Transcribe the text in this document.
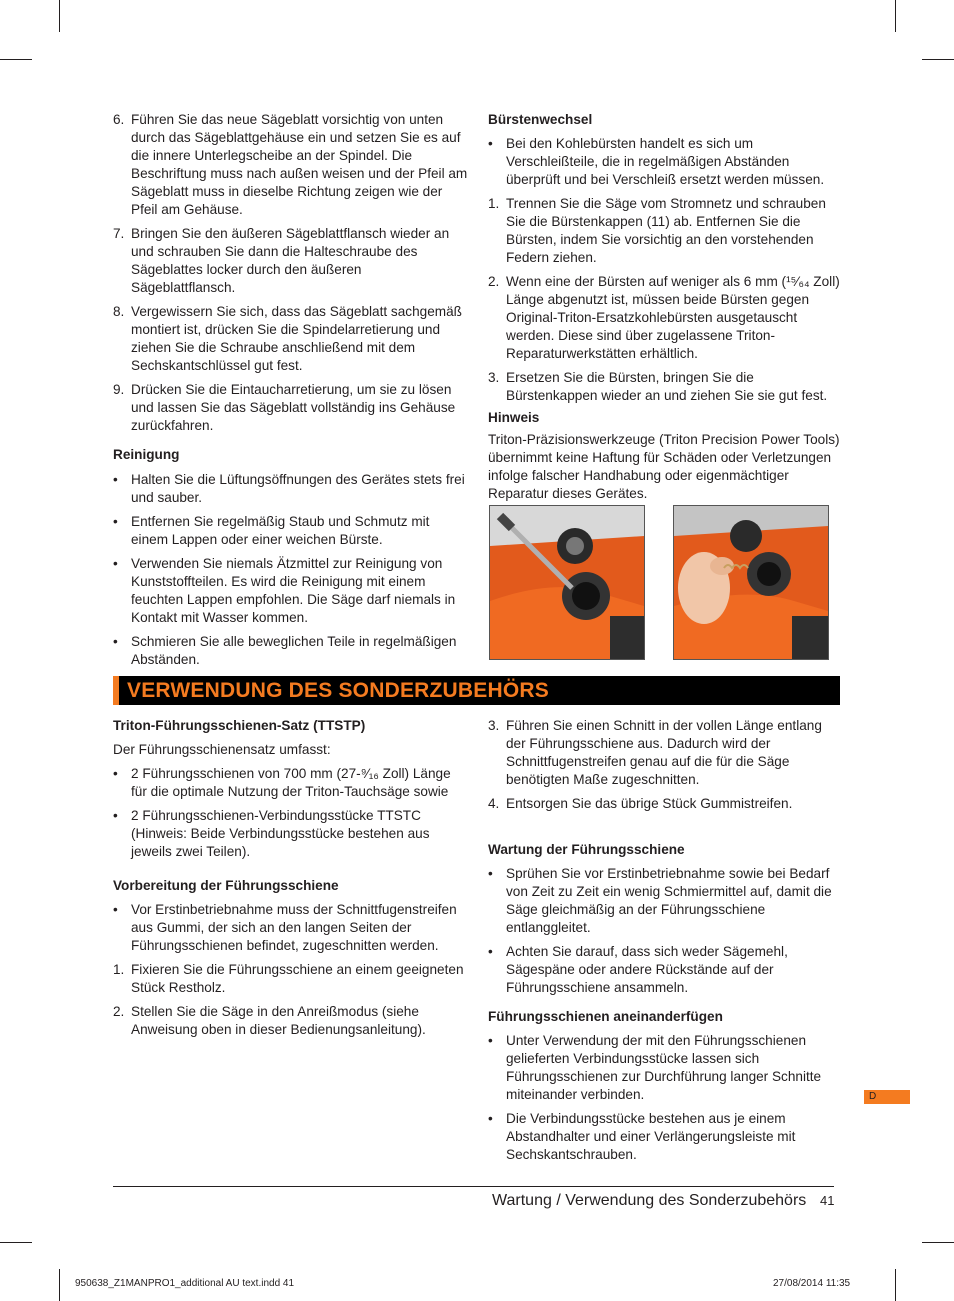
6. Führen Sie das neue Sägeblatt vorsichtig von unten durch das Sägeblattgehäuse ein und setzen Sie es auf die innere Unterlegscheibe an der Spindel. Die Beschriftung muss nach außen weisen und der Pfeil am Sägeblatt muss in dieselbe Richtung zeigen wie der Pfeil am Gehäuse.

7. Bringen Sie den äußeren Sägeblattflansch wieder an und schrauben Sie dann die Halteschraube des Sägeblattes locker durch den äußeren Sägeblattflansch.

8. Vergewissern Sie sich, dass das Sägeblatt sachgemäß montiert ist, drücken Sie die Spindelarretierung und ziehen Sie die Schraube anschließend mit dem Sechskantschlüssel gut fest.

9. Drücken Sie die Eintaucharretierung, um sie zu lösen und lassen Sie das Sägeblatt vollständig ins Gehäuse zurückfahren.

Reinigung

• Halten Sie die Lüftungsöffnungen des Gerätes stets frei und sauber.

• Entfernen Sie regelmäßig Staub und Schmutz mit einem Lappen oder einer weichen Bürste.

• Verwenden Sie niemals Ätzmittel zur Reinigung von Kunststoffteilen. Es wird die Reinigung mit einem feuchten Lappen empfohlen. Die Säge darf niemals in Kontakt mit Wasser kommen.

• Schmieren Sie alle beweglichen Teile in regelmäßigen Abständen.

Bürstenwechsel

• Bei den Kohlebürsten handelt es sich um Verschleißteile, die in regelmäßigen Abständen überprüft und bei Verschleiß ersetzt werden müssen.

1. Trennen Sie die Säge vom Stromnetz und schrauben Sie die Bürstenkappen (11) ab. Entfernen Sie die Bürsten, indem Sie vorsichtig an den vorstehenden Federn ziehen.

2. Wenn eine der Bürsten auf weniger als 6 mm (¹⁵⁄₆₄ Zoll) Länge abgenutzt ist, müssen beide Bürsten gegen Original-Triton-Ersatzkohlebürsten ausgetauscht werden. Diese sind über zugelassene Triton-Reparaturwerkstätten erhältlich.

3. Ersetzen Sie die Bürsten, bringen Sie die Bürstenkappen wieder an und ziehen Sie sie gut fest.

Hinweis

Triton-Präzisionswerkzeuge (Triton Precision Power Tools) übernimmt keine Haftung für Schäden oder Verletzungen infolge falscher Handhabung oder eigenmächtiger Reparatur dieses Gerätes.

VERWENDUNG DES SONDERZUBEHÖRS

Triton-Führungsschienen-Satz (TTSTP)

Der Führungsschienensatz umfasst:

• 2 Führungsschienen von 700 mm (27-⁹⁄₁₆ Zoll) Länge für die optimale Nutzung der Triton-Tauchsäge sowie

• 2 Führungsschienen-Verbindungsstücke TTSTC (Hinweis: Beide Verbindungsstücke bestehen aus jeweils zwei Teilen).

Vorbereitung der Führungsschiene

• Vor Erstinbetriebnahme muss der Schnittfugenstreifen aus Gummi, der sich an den langen Seiten der Führungsschienen befindet, zugeschnitten werden.

1. Fixieren Sie die Führungsschiene an einem geeigneten Stück Restholz.

2. Stellen Sie die Säge in den Anreißmodus (siehe Anweisung oben in dieser Bedienungsanleitung).

3. Führen Sie einen Schnitt in der vollen Länge entlang der Führungsschiene aus. Dadurch wird der Schnittfugenstreifen genau auf die für die Säge benötigten Maße zugeschnitten.

4. Entsorgen Sie das übrige Stück Gummistreifen.

Wartung der Führungsschiene

• Sprühen Sie vor Erstinbetriebnahme sowie bei Bedarf von Zeit zu Zeit ein wenig Schmiermittel auf, damit die Säge gleichmäßig an der Führungsschiene entlanggleitet.

• Achten Sie darauf, dass sich weder Sägemehl, Sägespäne oder andere Rückstände auf der Führungsschiene ansammeln.

Führungsschienen aneinanderfügen

• Unter Verwendung der mit den Führungsschienen gelieferten Verbindungsstücke lassen sich Führungsschienen zur Durchführung langer Schnitte miteinander verbinden.

• Die Verbindungsstücke bestehen aus je einem Abstandhalter und einer Verlängerungsleiste mit Sechskantschrauben.

D
Wartung / Verwendung des Sonderzubehörs 41
950638_Z1MANPRO1_additional AU text.indd 41	27/08/2014 11:35
